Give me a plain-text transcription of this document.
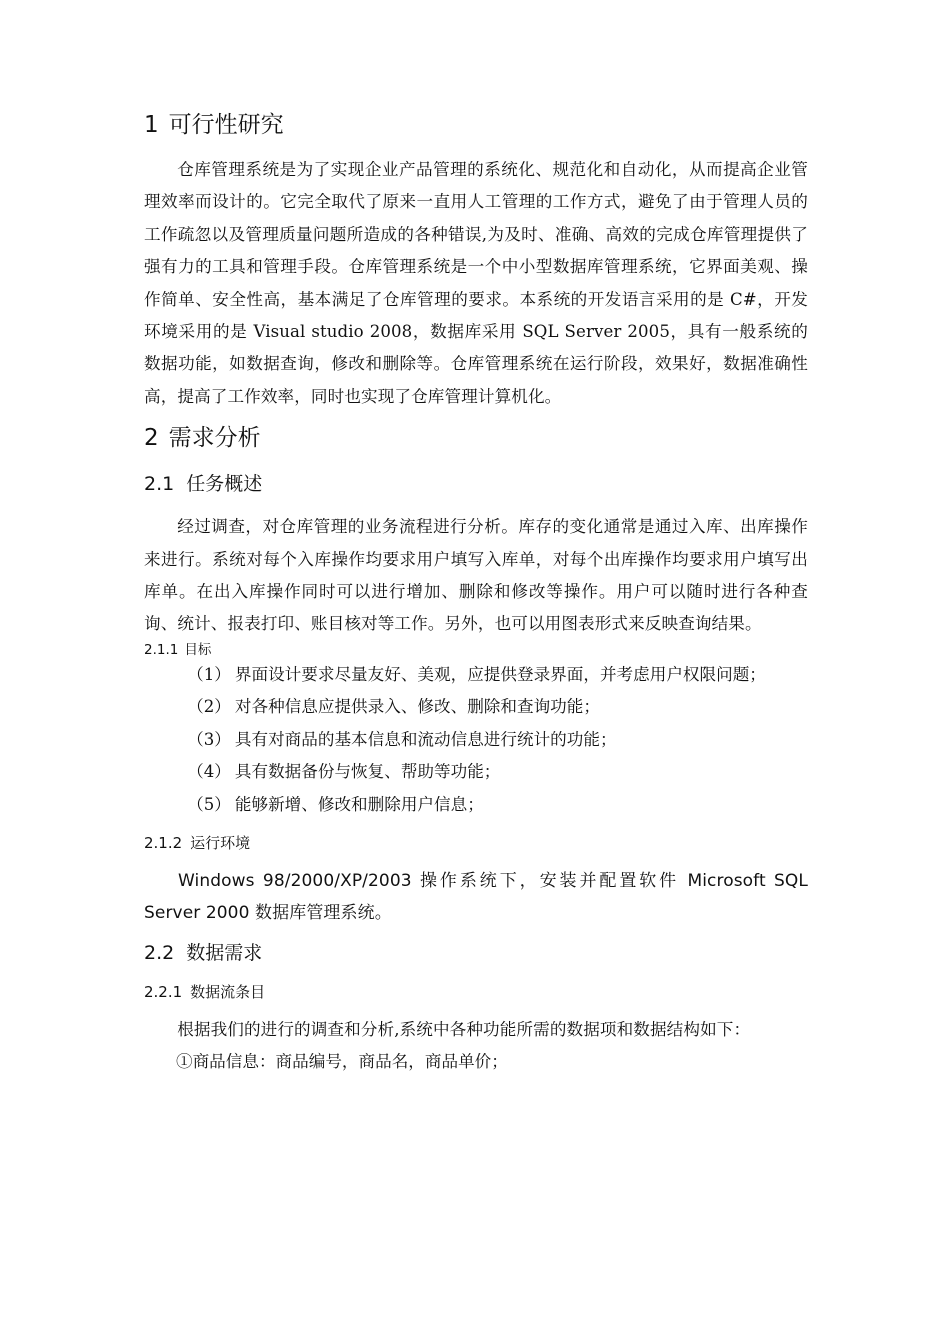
1 可行性研究

仓库管理系统是为了实现企业产品管理的系统化、规范化和自动化，从而提高企业管理效率而设计的。它完全取代了原来一直用人工管理的工作方式，避免了由于管理人员的工作疏忽以及管理质量问题所造成的各种错误,为及时、准确、高效的完成仓库管理提供了强有力的工具和管理手段。仓库管理系统是一个中小型数据库管理系统，它界面美观、操作简单、安全性高，基本满足了仓库管理的要求。本系统的开发语言采用的是 C#，开发环境采用的是 Visual studio 2008，数据库采用 SQL Server 2005，具有一般系统的数据功能，如数据查询，修改和删除等。仓库管理系统在运行阶段，效果好，数据准确性高，提高了工作效率，同时也实现了仓库管理计算机化。

2 需求分析
2.1 任务概述

经过调查，对仓库管理的业务流程进行分析。库存的变化通常是通过入库、出库操作来进行。系统对每个入库操作均要求用户填写入库单，对每个出库操作均要求用户填写出库单。在出入库操作同时可以进行增加、删除和修改等操作。用户可以随时进行各种查询、统计、报表打印、账目核对等工作。另外，也可以用图表形式来反映查询结果。

2.1.1 目标

（1） 界面设计要求尽量友好、美观，应提供登录界面，并考虑用户权限问题；

（2） 对各种信息应提供录入、修改、删除和查询功能；

（3） 具有对商品的基本信息和流动信息进行统计的功能；

（4） 具有数据备份与恢复、帮助等功能；

（5） 能够新增、修改和删除用户信息；

2.1.2 运行环境

Windows 98/2000/XP/2003 操作系统下，安装并配置软件 Microsoft SQL Server 2000 数据库管理系统。

2.2 数据需求
2.2.1 数据流条目

根据我们的进行的调查和分析,系统中各种功能所需的数据项和数据结构如下：

①商品信息：商品编号，商品名，商品单价；
